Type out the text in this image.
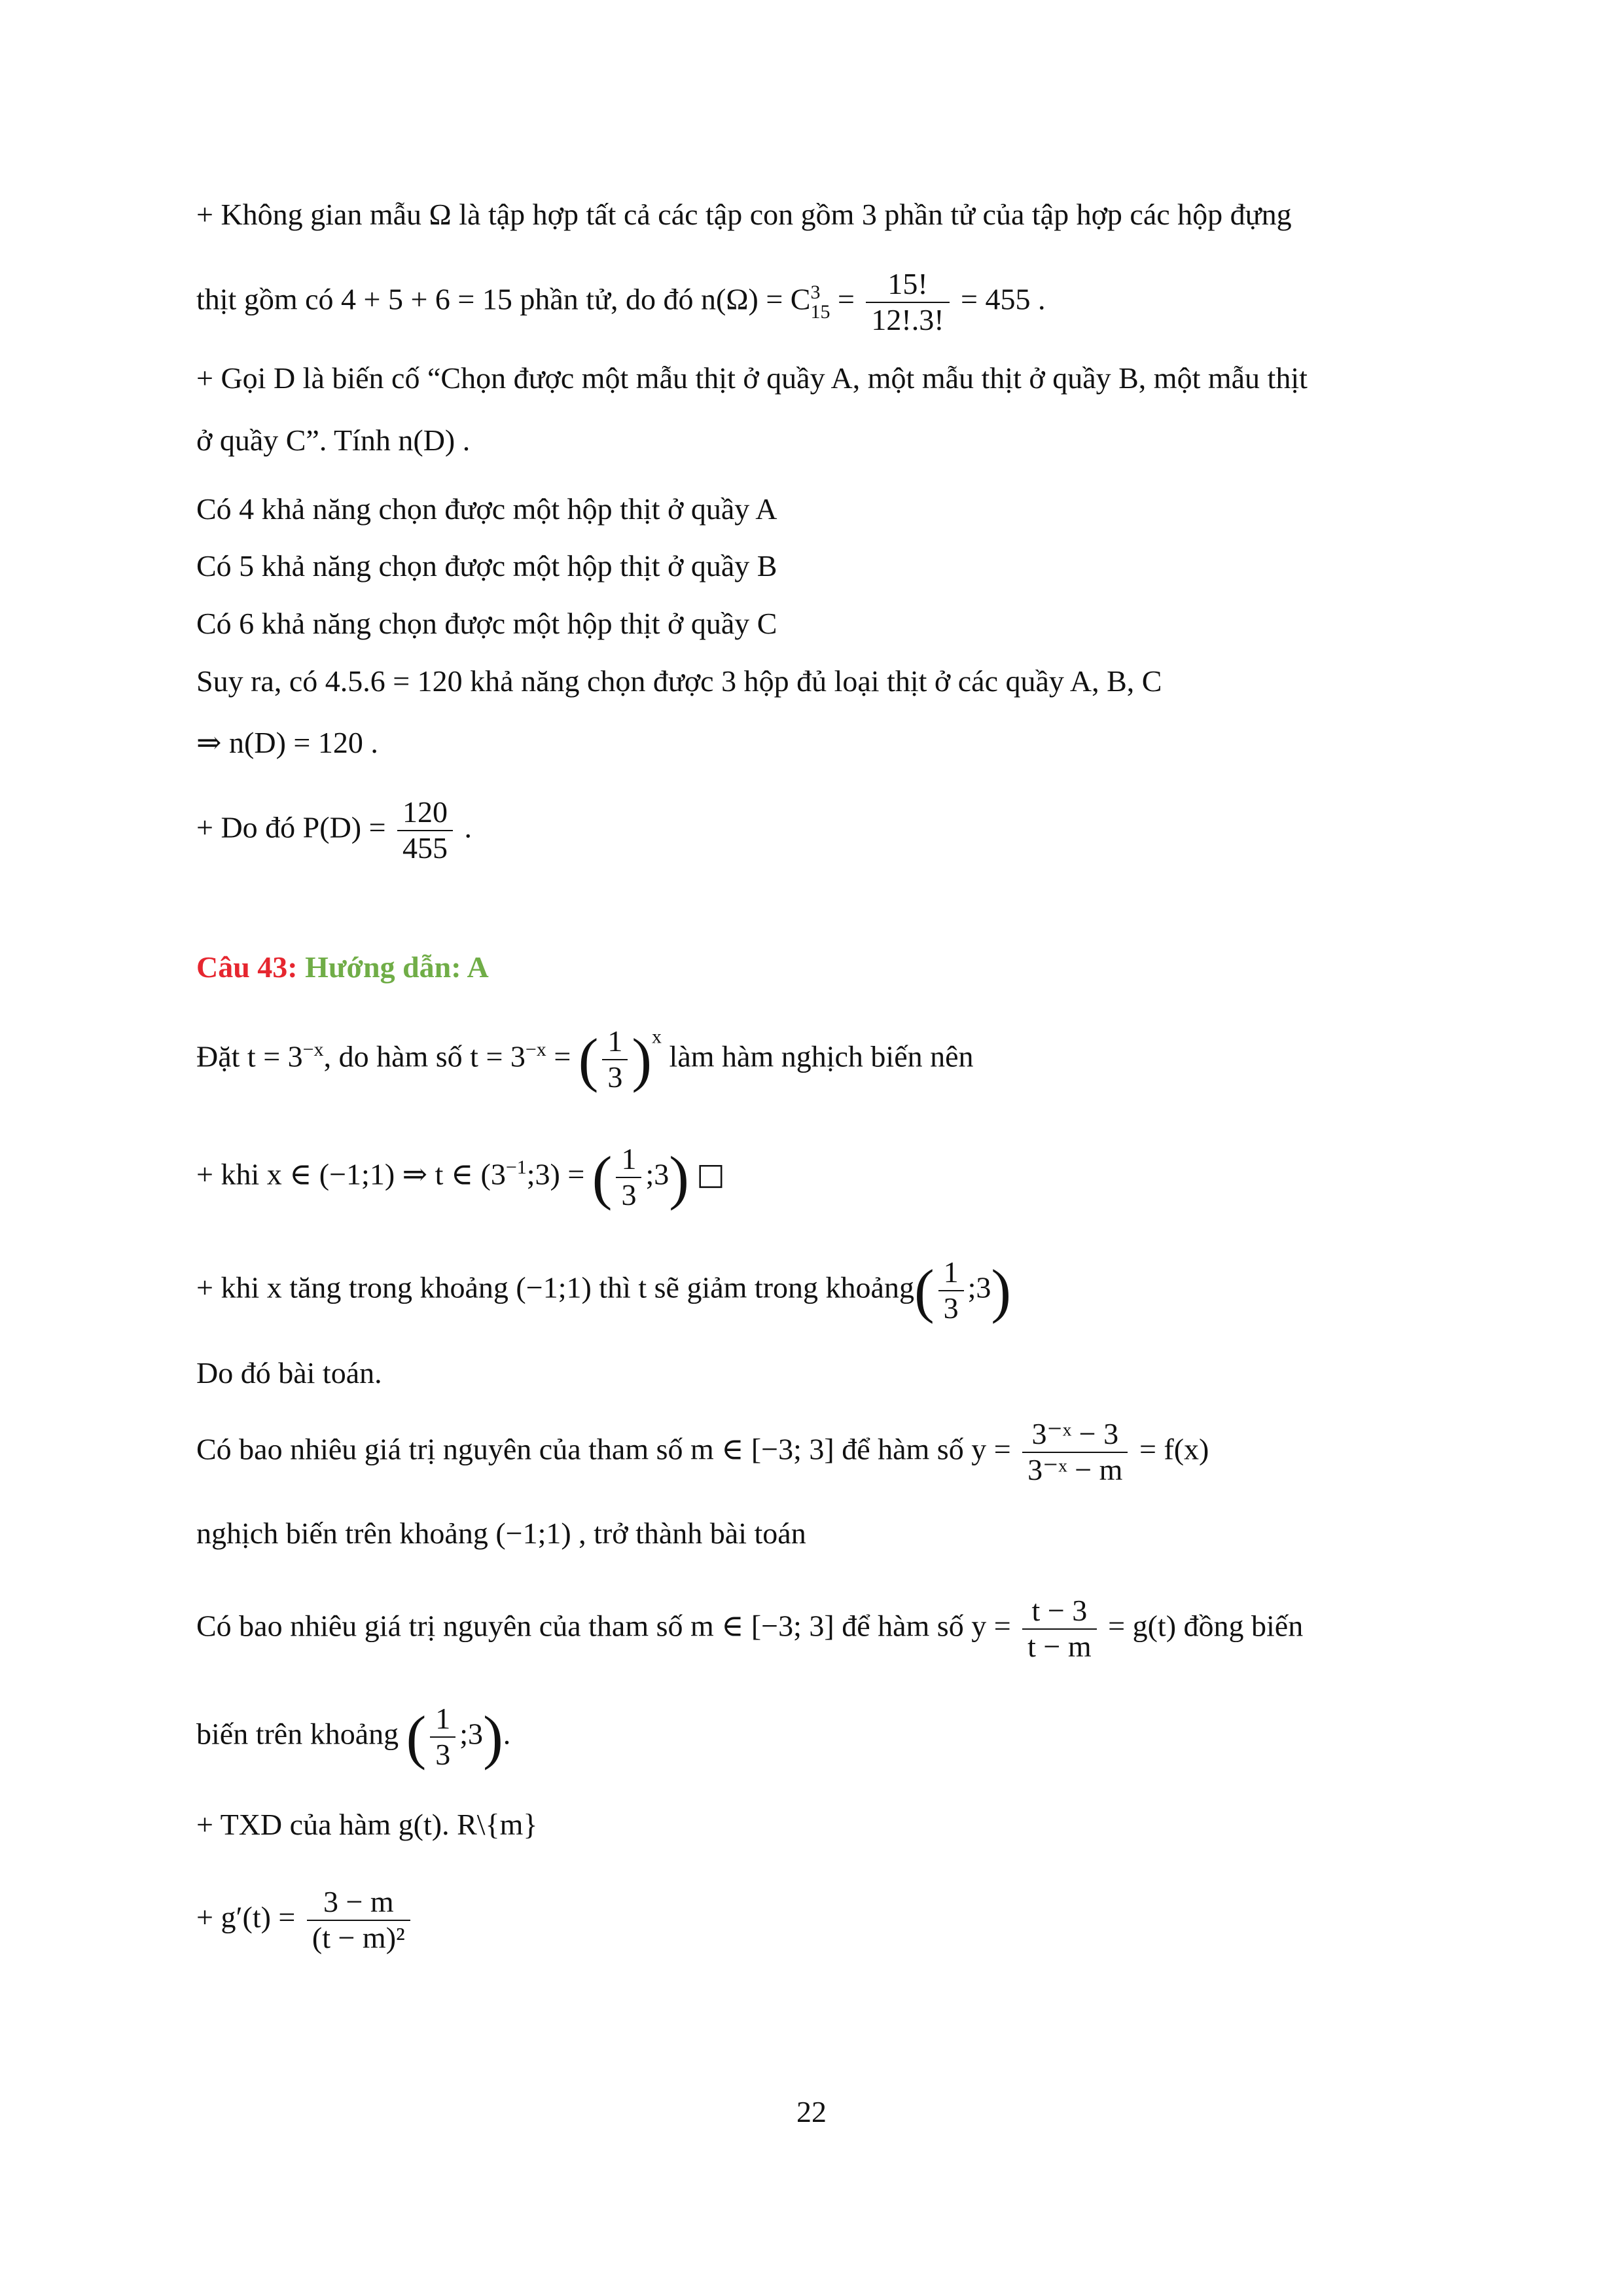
+ Không gian mẫu Ω là tập hợp tất cả các tập con gồm 3 phần tử của tập hợp các hộp đựng
thịt gồm có 4 + 5 + 6 = 15 phần tử, do đó n(Ω) = C 3
$15 = \frac{15!}{12!.3!} = 455$ .
+ Gọi D là biến cố “Chọn được một mẫu thịt ở quầy A, một mẫu thịt ở quầy B, một mẫu thịt
ở quầy C”. Tính n(D) .
Có 4 khả năng chọn được một hộp thịt ở quầy A
Có 5 khả năng chọn được một hộp thịt ở quầy B
Có 6 khả năng chọn được một hộp thịt ở quầy C
Suy ra, có 4.5.6 = 120 khả năng chọn được 3 hộp đủ loại thịt ở các quầy A, B, C
⇒ n(D) = 120 .
+ Do đó $P(D) = \frac{120}{455}$ .
Câu 43: Hướng dẫn: A
Đặt $t = 3^{-x}$, do hàm số $t = 3^{-x}$ = ( $\frac{1}{3} )^x$ làm hàm nghịch biến nên
+ khi x ∈ (−1;1) ⇒ t ∈ $(3^{-1};3)$ = ( $\frac{1}{3}$ ;3) □
+ khi x tăng trong khoảng (−1;1) thì t sẽ giảm trong khoảng( $\frac{1}{3}$ ;3)
Do đó bài toán.
Có bao nhiêu giá trị nguyên của tham số m ∈ [−3; 3] để hàm số $y = \frac{\text{3⁻ˣ − 3}}{\text{3⁻ˣ − m}} = f(x)$
nghịch biến trên khoảng (−1;1) , trở thành bài toán
Có bao nhiêu giá trị nguyên của tham số m ∈ [−3; 3] để hàm số $y = \frac{t - 3}{t - m} = g(t)$ đồng biến
biến trên khoảng ( $\frac{1}{3}$ ;3).
+ TXD của hàm g(t). R\{m}
+ $g'(t) = \frac{3 - m}{\text{(t − m)²}}$
22
